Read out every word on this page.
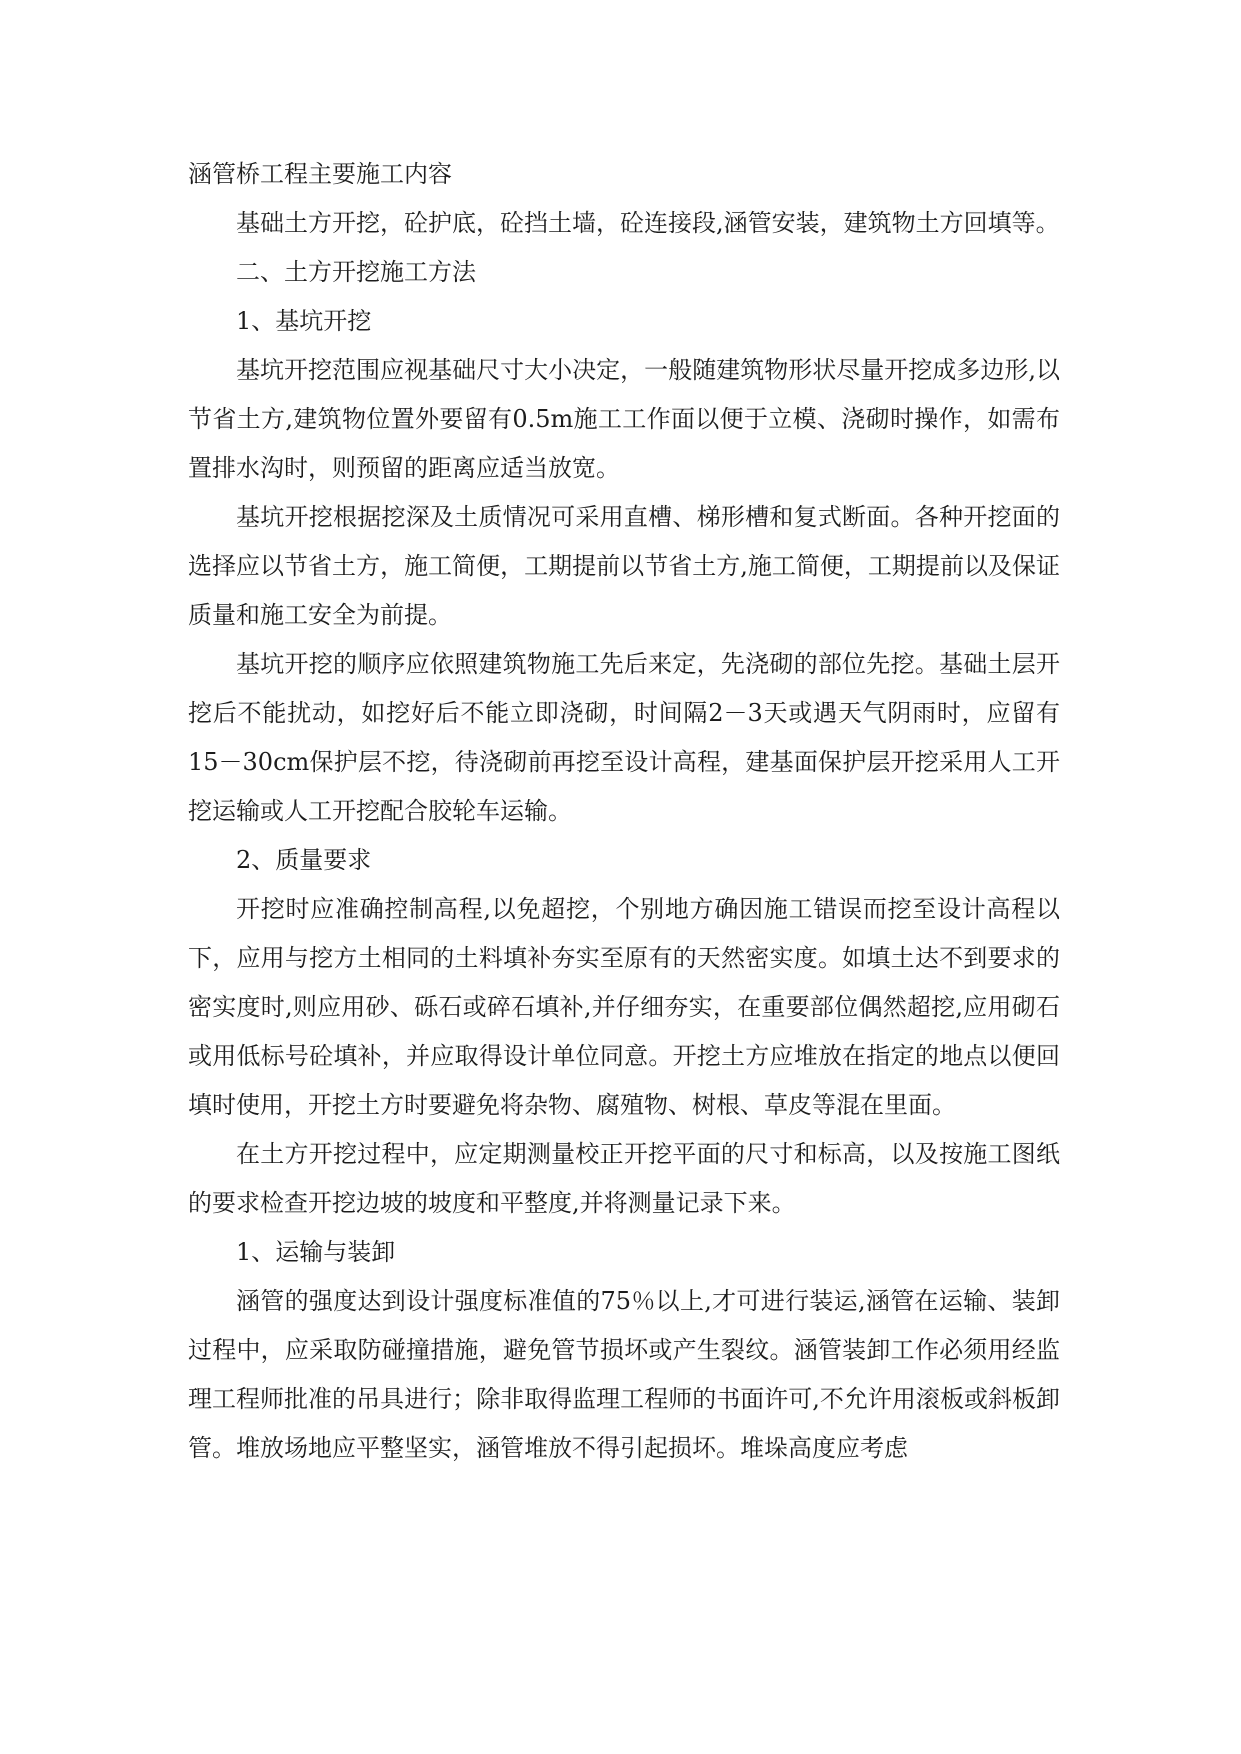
涵管桥工程主要施工内容

基础土方开挖，砼护底，砼挡土墙，砼连接段,涵管安装，建筑物土方回填等。

二、土方开挖施工方法

1、基坑开挖

基坑开挖范围应视基础尺寸大小决定，一般随建筑物形状尽量开挖成多边形,以节省土方,建筑物位置外要留有0.5m施工工作面以便于立模、浇砌时操作，如需布置排水沟时，则预留的距离应适当放宽。

基坑开挖根据挖深及土质情况可采用直槽、梯形槽和复式断面。各种开挖面的选择应以节省土方，施工简便，工期提前以节省土方,施工简便，工期提前以及保证质量和施工安全为前提。

基坑开挖的顺序应依照建筑物施工先后来定，先浇砌的部位先挖。基础土层开挖后不能扰动，如挖好后不能立即浇砌，时间隔2－3天或遇天气阴雨时，应留有15－30cm保护层不挖，待浇砌前再挖至设计高程，建基面保护层开挖采用人工开挖运输或人工开挖配合胶轮车运输。

2、质量要求

开挖时应准确控制高程,以免超挖，个别地方确因施工错误而挖至设计高程以下，应用与挖方土相同的土料填补夯实至原有的天然密实度。如填土达不到要求的密实度时,则应用砂、砾石或碎石填补,并仔细夯实，在重要部位偶然超挖,应用砌石或用低标号砼填补，并应取得设计单位同意。开挖土方应堆放在指定的地点以便回填时使用，开挖土方时要避免将杂物、腐殖物、树根、草皮等混在里面。

在土方开挖过程中，应定期测量校正开挖平面的尺寸和标高，以及按施工图纸的要求检查开挖边坡的坡度和平整度,并将测量记录下来。

1、运输与装卸

涵管的强度达到设计强度标准值的75％以上,才可进行装运,涵管在运输、装卸过程中，应采取防碰撞措施，避免管节损坏或产生裂纹。涵管装卸工作必须用经监理工程师批准的吊具进行；除非取得监理工程师的书面许可,不允许用滚板或斜板卸管。堆放场地应平整坚实，涵管堆放不得引起损坏。堆垛高度应考虑
